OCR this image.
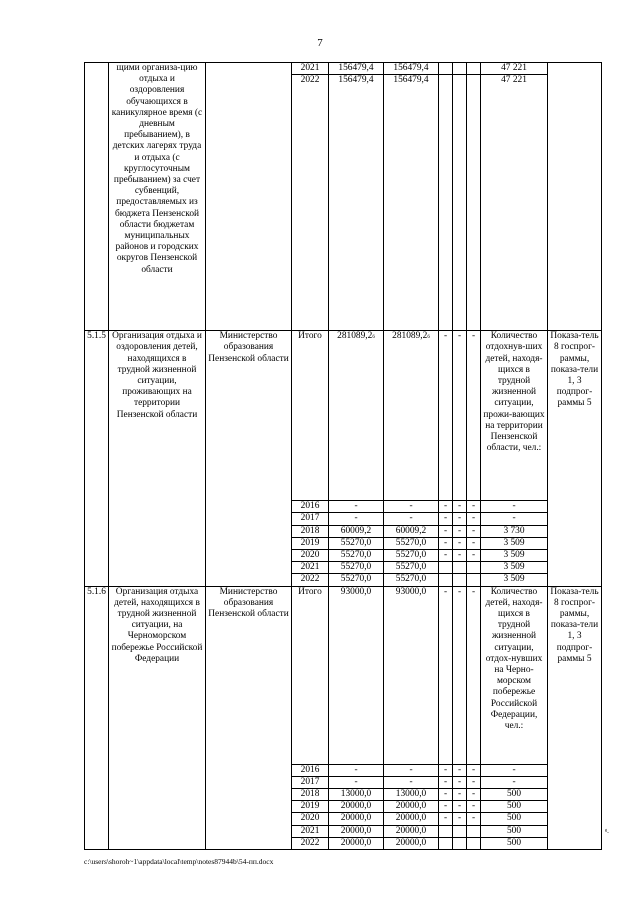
7
	щими организа-цию отдыха и оздоровления обучающихся в каникулярное время (с дневным пребыванием), в детских лагерях труда и отдыха (с круглосуточным пребыванием) за счет субвенций, предоставляемых из бюджета Пензенской области бюджетам муниципальных районов и городских округов Пензенской области		2021	156479,4	156479,4				47 221	
			2022	156479,4	156479,4				47 221	
5.1.5	Организация отдыха и оздоровления детей, находящихся в трудной жизненной ситуации, проживающих на территории Пензенской области	Министерство образования Пензенской области	Итого	281089,26	281089,26	-	-	-	Количество отдохнув-ших детей, находя-щихся в трудной жизненной ситуации, прожи-вающих на территории Пензенской области, чел.:	Показа-тель 8 госпрог-раммы, показа-тели 1, 3 подпрог-раммы 5
			2016	-	-	-	-	-	-	
			2017	-	-	-	-	-	-	
			2018	60009,2	60009,2	-	-	-	3 730	
			2019	55270,0	55270,0	-	-	-	3 509	
			2020	55270,0	55270,0	-	-	-	3 509	
			2021	55270,0	55270,0				3 509	
			2022	55270,0	55270,0				3 509	
5.1.6	Организация отдыха детей, находящихся в трудной жизненной ситуации, на Черноморском побережье Российской Федерации	Министерство образования Пензенской области	Итого	93000,0	93000,0	-	-	-	Количество детей, находя-щихся в трудной жизненной ситуации, отдох-нувших на Черно-морском побережье Российской Федерации, чел.:	Показа-тель 8 госпрог-раммы, показа-тели 1, 3 подпрог-раммы 5
			2016	-	-	-	-	-	-	
			2017	-	-	-	-	-	-	
			2018	13000,0	13000,0	-	-	-	500	
			2019	20000,0	20000,0	-	-	-	500	
			2020	20000,0	20000,0	-	-	-	500	
			2021	20000,0	20000,0				500	
			2022	20000,0	20000,0				500	
c:\users\shoroh~1\appdata\local\temp\notes87944b\54-пп.docx
ᵍ.
